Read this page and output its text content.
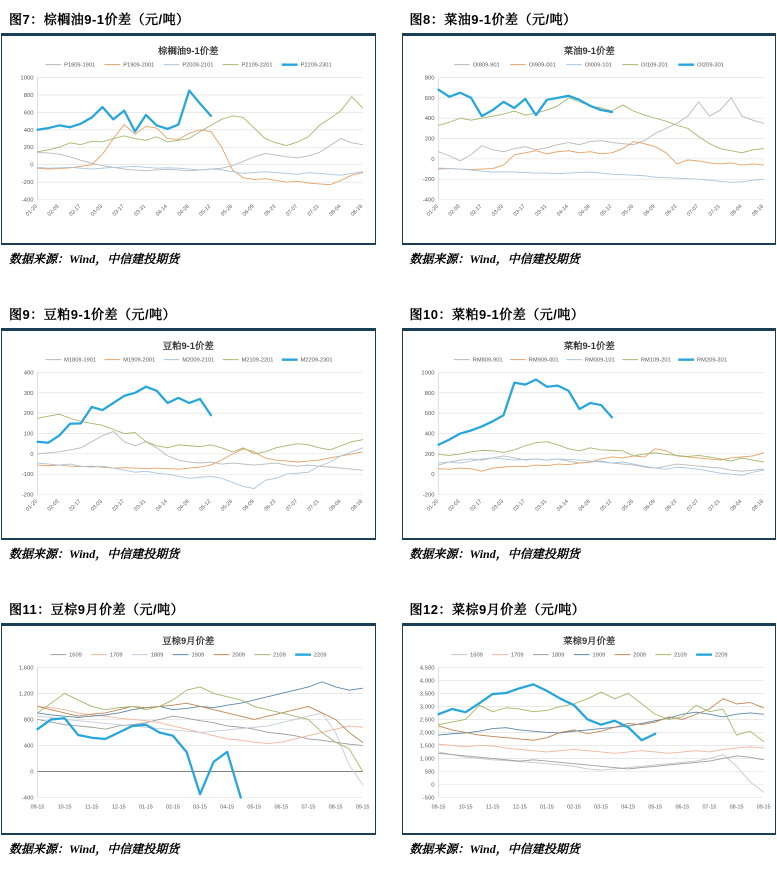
图7：棕榈油9-1价差（元/吨）
棕榈油9-1价差
P1809-1901	P1909-2001	P2009-2101	P2109-2201	P2209-2301
1000
800
600
400
200
0
-200
-400
01-20 02-03 02-17 03-03 03-17 03-31 04-14 04-28 05-12 05-26 06-09 06-23 07-07 07-21 08-04 08-18

数据来源：Wind，中信建投期货

图8：菜油9-1价差（元/吨）
菜油9-1价差
OI809-901	OI909-001	OI009-101	OI109-201	OI209-301
800
600
400
200
0
-200
-400
01-20 02-03 02-17 03-03 03-17 03-31 04-14 04-28 05-12 05-26 06-09 06-23 07-07 07-21 08-04 08-18

数据来源：Wind，中信建投期货

图9：豆粕9-1价差（元/吨）
豆粕9-1价差
M1809-1901	M1909-2001	M2009-2101	M2109-2201	M2209-2301
400
300
200
100
0
-100
-200
01-20 02-03 02-17 03-03 03-17 03-31 04-14 04-28 05-12 05-26 06-09 06-23 07-07 07-21 08-04 08-18

数据来源：Wind，中信建投期货

图10：菜粕9-1价差（元/吨）
菜粕9-1价差
RM809-901	RM909-001	RM009-101	RM109-201	RM209-301
1000
800
600
400
200
0
-200
01-20 02-03 02-17 03-03 03-17 03-31 04-14 04-28 05-12 05-26 06-09 06-23 07-07 07-21 08-04 08-18

数据来源：Wind，中信建投期货

图11：豆棕9月价差（元/吨）
豆棕9月价差
1609	1709	1809	1909	2009	2109	2209
1,600
1,200
800
400
0
-400
09-15 10-15 11-15 12-15 01-15 02-15 03-15 04-15 05-15 06-15 07-15 08-15 09-15

数据来源：Wind，中信建投期货

图12：菜棕9月价差（元/吨）
菜棕9月价差
1609	1709	1809	1909	2009	2109	2209
4,500
4,000
3,500
3,000
2,500
2,000
1,500
1,000
500
0
-500
09-15 10-15 11-15 12-15 01-15 02-15 03-15 04-15 05-15 06-15 07-15 08-15 09-15

数据来源：Wind，中信建投期货
